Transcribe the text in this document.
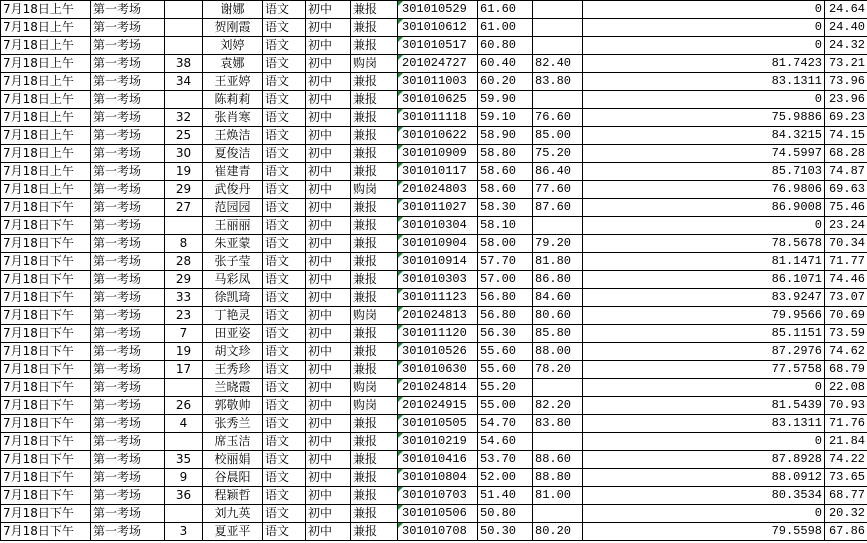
7月18日上午	第一考场		谢娜	语文	初中	兼报	301010529	61.60		0	24.64
7月18日上午	第一考场		贺刚霞	语文	初中	兼报	301010612	61.00		0	24.40
7月18日上午	第一考场		刘婷	语文	初中	兼报	301010517	60.80		0	24.32
7月18日上午	第一考场	38	袁娜	语文	初中	购岗	201024727	60.40	82.40	81.7423	73.21
7月18日上午	第一考场	34	王亚婷	语文	初中	兼报	301011003	60.20	83.80	83.1311	73.96
7月18日上午	第一考场		陈莉莉	语文	初中	兼报	301010625	59.90		0	23.96
7月18日上午	第一考场	32	张肖寒	语文	初中	兼报	301011118	59.10	76.60	75.9886	69.23
7月18日上午	第一考场	25	王焕洁	语文	初中	兼报	301010622	58.90	85.00	84.3215	74.15
7月18日上午	第一考场	30	夏俊洁	语文	初中	兼报	301010909	58.80	75.20	74.5997	68.28
7月18日上午	第一考场	19	崔建青	语文	初中	兼报	301010117	58.60	86.40	85.7103	74.87
7月18日上午	第一考场	29	武俊丹	语文	初中	购岗	201024803	58.60	77.60	76.9806	69.63
7月18日下午	第一考场	27	范园园	语文	初中	兼报	301011027	58.30	87.60	86.9008	75.46
7月18日下午	第一考场		王丽丽	语文	初中	兼报	301010304	58.10		0	23.24
7月18日下午	第一考场	8	朱亚蒙	语文	初中	兼报	301010904	58.00	79.20	78.5678	70.34
7月18日下午	第一考场	28	张子莹	语文	初中	兼报	301010914	57.70	81.80	81.1471	71.77
7月18日下午	第一考场	29	马彩凤	语文	初中	兼报	301010303	57.00	86.80	86.1071	74.46
7月18日下午	第一考场	33	徐凯琦	语文	初中	兼报	301011123	56.80	84.60	83.9247	73.07
7月18日下午	第一考场	23	丁艳灵	语文	初中	购岗	201024813	56.80	80.60	79.9566	70.69
7月18日下午	第一考场	7	田亚姿	语文	初中	兼报	301011120	56.30	85.80	85.1151	73.59
7月18日下午	第一考场	19	胡文珍	语文	初中	兼报	301010526	55.60	88.00	87.2976	74.62
7月18日下午	第一考场	17	王秀珍	语文	初中	兼报	301010630	55.60	78.20	77.5758	68.79
7月18日下午	第一考场		兰晓霞	语文	初中	购岗	201024814	55.20		0	22.08
7月18日下午	第一考场	26	郭敬帅	语文	初中	购岗	201024915	55.00	82.20	81.5439	70.93
7月18日下午	第一考场	4	张秀兰	语文	初中	兼报	301010505	54.70	83.80	83.1311	71.76
7月18日下午	第一考场		席玉洁	语文	初中	兼报	301010219	54.60		0	21.84
7月18日下午	第一考场	35	校丽娟	语文	初中	兼报	301010416	53.70	88.60	87.8928	74.22
7月18日下午	第一考场	9	谷晨阳	语文	初中	兼报	301010804	52.00	88.80	88.0912	73.65
7月18日下午	第一考场	36	程颖哲	语文	初中	兼报	301010703	51.40	81.00	80.3534	68.77
7月18日下午	第一考场		刘九英	语文	初中	兼报	301010506	50.80		0	20.32
7月18日下午	第一考场	3	夏亚平	语文	初中	兼报	301010708	50.30	80.20	79.5598	67.86
